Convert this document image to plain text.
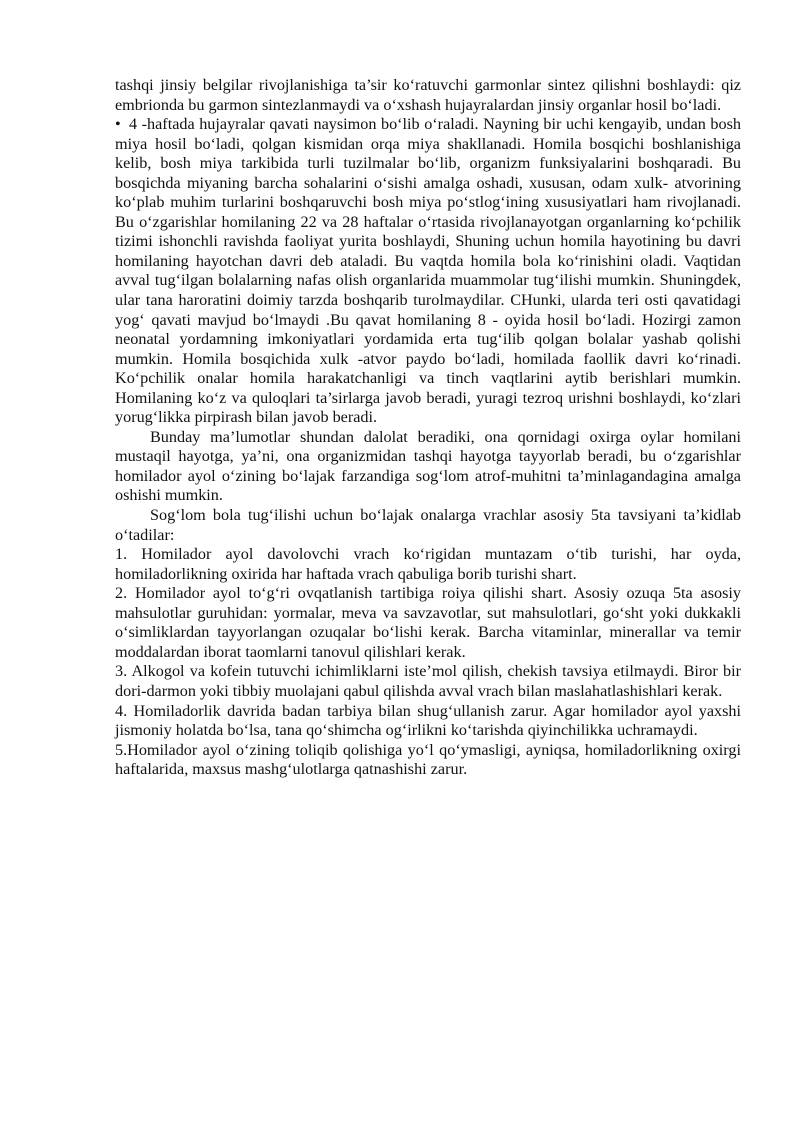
tashqi jinsiy belgilar rivojlanishiga ta’sir ko‘ratuvchi garmonlar sintez qilishni boshlaydi: qiz embrionda bu garmon sintezlanmaydi va o‘xshash hujayralardan jinsiy organlar hosil bo‘ladi.

• 4 -haftada hujayralar qavati naysimon bo‘lib o‘raladi. Nayning bir uchi kengayib, undan bosh miya hosil bo‘ladi, qolgan kismidan orqa miya shakllanadi. Homila bosqichi boshlanishiga kelib, bosh miya tarkibida turli tuzilmalar bo‘lib, organizm funksiyalarini boshqaradi. Bu bosqichda miyaning barcha sohalarini o‘sishi amalga oshadi, xususan, odam xulk- atvorining ko‘plab muhim turlarini boshqaruvchi bosh miya po‘stlog‘ining xususiyatlari ham rivojlanadi. Bu o‘zgarishlar homilaning 22 va 28 haftalar o‘rtasida rivojlanayotgan organlarning ko‘pchilik tizimi ishonchli ravishda faoliyat yurita boshlaydi, Shuning uchun homila hayotining bu davri homilaning hayotchan davri deb ataladi. Bu vaqtda homila bola ko‘rinishini oladi. Vaqtidan avval tug‘ilgan bolalarning nafas olish organlarida muammolar tug‘ilishi mumkin. Shuningdek, ular tana haroratini doimiy tarzda boshqarib turolmaydilar. CHunki, ularda teri osti qavatidagi yog‘ qavati mavjud bo‘lmaydi .Bu qavat homilaning 8 - oyida hosil bo‘ladi. Hozirgi zamon neonatal yordamning imkoniyatlari yordamida erta tug‘ilib qolgan bolalar yashab qolishi mumkin. Homila bosqichida xulk -atvor paydo bo‘ladi, homilada faollik davri ko‘rinadi. Ko‘pchilik onalar homila harakatchanligi va tinch vaqtlarini aytib berishlari mumkin. Homilaning ko‘z va quloqlari ta’sirlarga javob beradi, yuragi tezroq urishni boshlaydi, ko‘zlari yorug‘likka pirpirash bilan javob beradi.

Bunday ma’lumotlar shundan dalolat beradiki, ona qornidagi oxirga oylar homilani mustaqil hayotga, ya’ni, ona organizmidan tashqi hayotga tayyorlab beradi, bu o‘zgarishlar homilador ayol o‘zining bo‘lajak farzandiga sog‘lom atrof-muhitni ta’minlagandagina amalga oshishi mumkin.

Sog‘lom bola tug‘ilishi uchun bo‘lajak onalarga vrachlar asosiy 5ta tavsiyani ta’kidlab o‘tadilar:

1. Homilador ayol davolovchi vrach ko‘rigidan muntazam o‘tib turishi, har oyda, homiladorlikning oxirida har haftada vrach qabuliga borib turishi shart.

2. Homilador ayol to‘g‘ri ovqatlanish tartibiga roiya qilishi shart. Asosiy ozuqa 5ta asosiy mahsulotlar guruhidan: yormalar, meva va savzavotlar, sut mahsulotlari, go‘sht yoki dukkakli o‘simliklardan tayyorlangan ozuqalar bo‘lishi kerak. Barcha vitaminlar, minerallar va temir moddalardan iborat taomlarni tanovul qilishlari kerak.

3. Alkogol va kofein tutuvchi ichimliklarni iste’mol qilish, chekish tavsiya etilmaydi. Biror bir dori-darmon yoki tibbiy muolajani qabul qilishda avval vrach bilan maslahatlashishlari kerak.

4. Homiladorlik davrida badan tarbiya bilan shug‘ullanish zarur. Agar homilador ayol yaxshi jismoniy holatda bo‘lsa, tana qo‘shimcha og‘irlikni ko‘tarishda qiyinchilikka uchramaydi.

5.Homilador ayol o‘zining toliqib qolishiga yo‘l qo‘ymasligi, ayniqsa, homiladorlikning oxirgi haftalarida, maxsus mashg‘ulotlarga qatnashishi zarur.
